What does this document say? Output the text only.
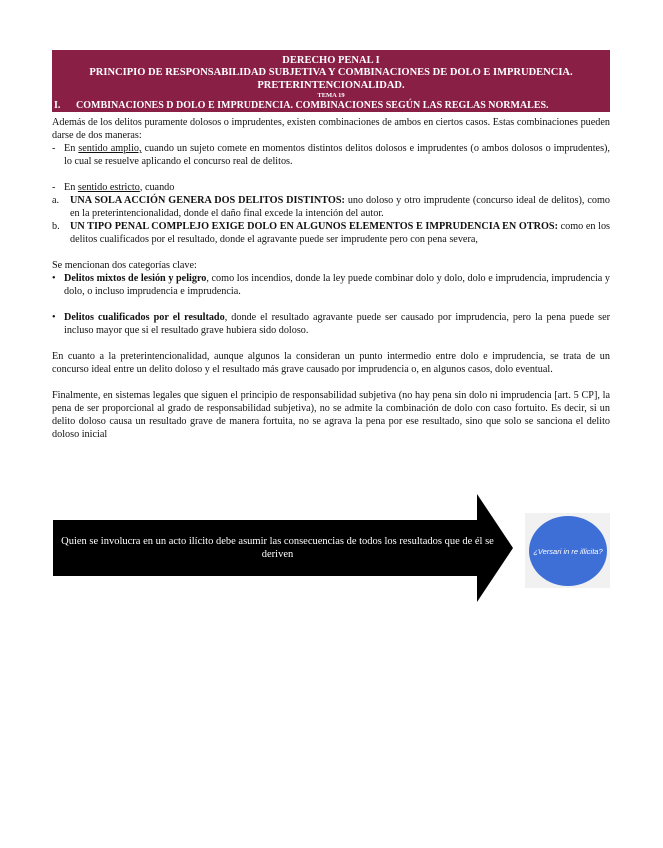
DERECHO PENAL I
PRINCIPIO DE RESPONSABILIDAD SUBJETIVA Y COMBINACIONES DE DOLO E IMPRUDENCIA. PRETERINTENCIONALIDAD.
TEMA 19
I. COMBINACIONES D DOLO E IMPRUDENCIA. COMBINACIONES SEGÚN LAS REGLAS NORMALES.

Además de los delitos puramente dolosos o imprudentes, existen combinaciones de ambos en ciertos casos. Estas combinaciones pueden darse de dos maneras:

- En sentido amplio, cuando un sujeto comete en momentos distintos delitos dolosos e imprudentes (o ambos dolosos o imprudentes), lo cual se resuelve aplicando el concurso real de delitos.
- En sentido estricto, cuando
a.	UNA SOLA ACCIÓN GENERA DOS DELITOS DISTINTOS: uno doloso y otro imprudente (concurso ideal de delitos), como en la preterintencionalidad, donde el daño final excede la intención del autor.
b.	UN TIPO PENAL COMPLEJO EXIGE DOLO EN ALGUNOS ELEMENTOS E IMPRUDENCIA EN OTROS: como en los delitos cualificados por el resultado, donde el agravante puede ser imprudente pero con pena severa,

Se mencionan dos categorías clave:

• Delitos mixtos de lesión y peligro, como los incendios, donde la ley puede combinar dolo y dolo, dolo e imprudencia, imprudencia y dolo, o incluso imprudencia e imprudencia.
• Delitos cualificados por el resultado, donde el resultado agravante puede ser causado por imprudencia, pero la pena puede ser incluso mayor que si el resultado grave hubiera sido doloso.

En cuanto a la preterintencionalidad, aunque algunos la consideran un punto intermedio entre dolo e imprudencia, se trata de un concurso ideal entre un delito doloso y el resultado más grave causado por imprudencia o, en algunos casos, dolo eventual.

Finalmente, en sistemas legales que siguen el principio de responsabilidad subjetiva (no hay pena sin dolo ni imprudencia [art. 5 CP], la pena de ser proporcional al grado de responsabilidad subjetiva), no se admite la combinación de dolo con caso fortuito. Es decir, si un delito doloso causa un resultado grave de manera fortuita, no se agrava la pena por ese resultado, sino que solo se sanciona el delito doloso inicial

Quien se involucra en un acto ilícito debe asumir las consecuencias de todos los resultados que de él se deriven	¿Versari in re illicita?
